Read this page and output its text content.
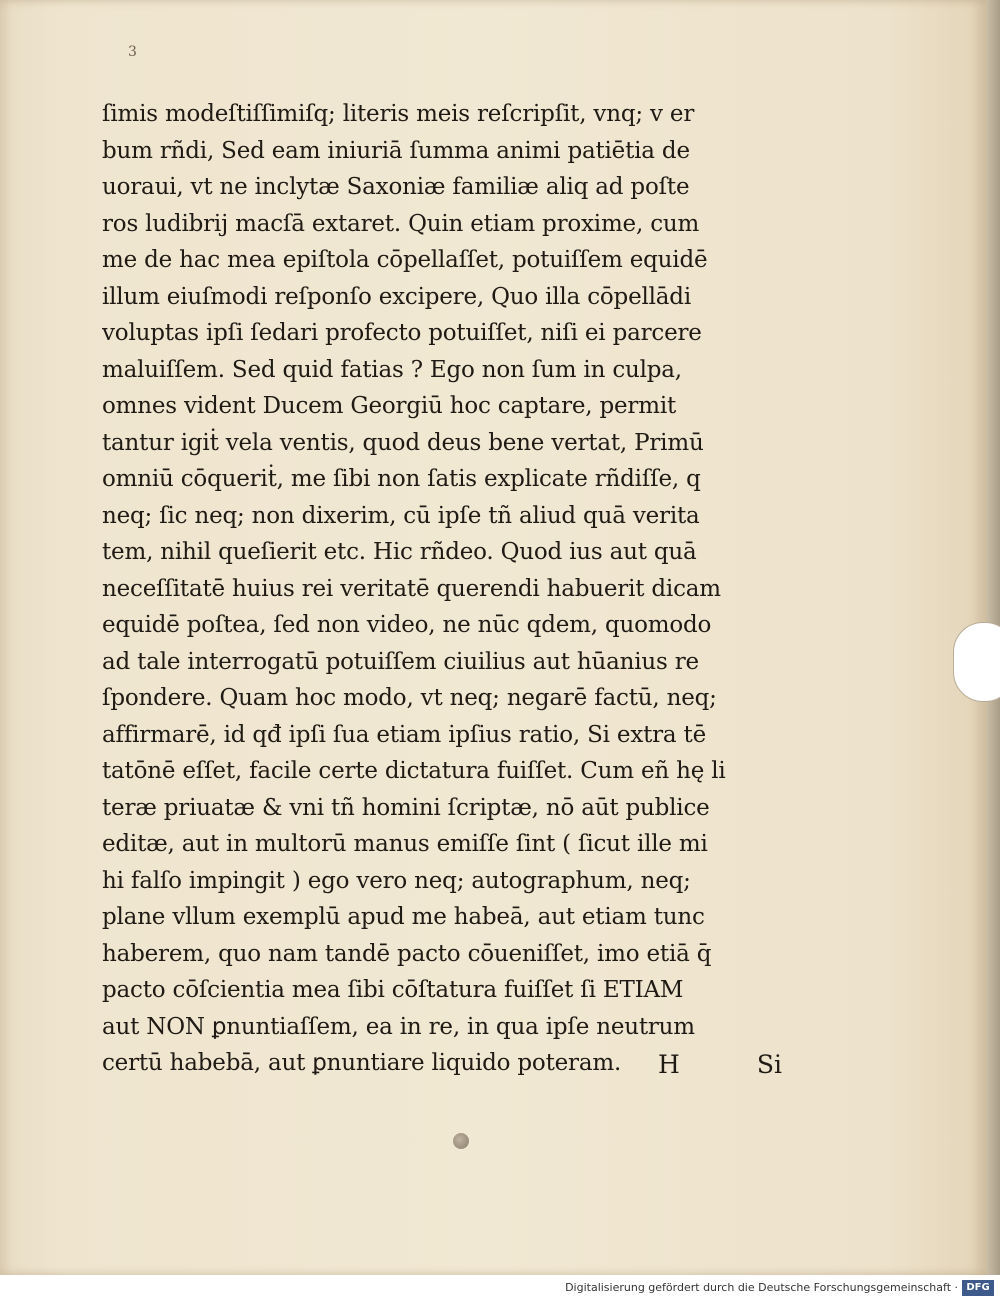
3
ſimis modeſtiſſimiſq; literis meis reſcripſit, vnq; v er
bum rñdi, Sed eam iniuriā ſumma animi patiētia de
uoraui, vt ne inclytæ Saxoniæ familiæ aliq ad poſte
ros ludibrij macſā extaret. Quin etiam proxime, cum
me de hac mea epiſtola cōpellaſſet, potuiſſem equidē
illum eiuſmodi reſponſo excipere, Quo illa cōpellādi
voluptas ipſi ſedari profecto potuiſſet, niſi ei parcere
maluiſſem. Sed quid fatias ? Ego non ſum in culpa,
omnes vident Ducem Georgiū hoc captare, permit
tantur igiṫ vela ventis, quod deus bene vertat, Primū
omniū cōqueriṫ, me ſibi non ſatis explicate rñdiſſe, q
neq; ſic neq; non dixerim, cū ipſe tñ aliud quā verita
tem, nihil queſierit etc. Hic rñdeo. Quod ius aut quā
neceſſitatē huius rei veritatē querendi habuerit dicam
equidē poſtea, ſed non video, ne nūc qdem, quomodo
ad tale interrogatū potuiſſem ciuilius aut hūanius re
ſpondere. Quam hoc modo, vt neq; negarē factū, neq;
affirmarē, id qđ ipſi ſua etiam ipſius ratio, Si extra tē
tatōnē eſſet, facile certe dictatura fuiſſet. Cum eñ hę li
teræ priuatæ & vni tñ homini ſcriptæ, nō aūt publice
editæ, aut in multorū manus emiſſe ſint ( ſicut ille mi
hi falſo impingit ) ego vero neq; autographum, neq;
plane vllum exemplū apud me habeā, aut etiam tunc
haberem, quo nam tandē pacto cōueniſſet, imo etiā q̄
pacto cōſcientia mea ſibi cōſtatura fuiſſet ſi ETIAM
aut NON ꝑnuntiaſſem, ea in re, in qua ipſe neutrum
certū habebā, aut ꝑnuntiare liquido poteram.	H	Si
Digitalisierung gefördert durch die Deutsche Forschungsgemeinschaft · DFG
